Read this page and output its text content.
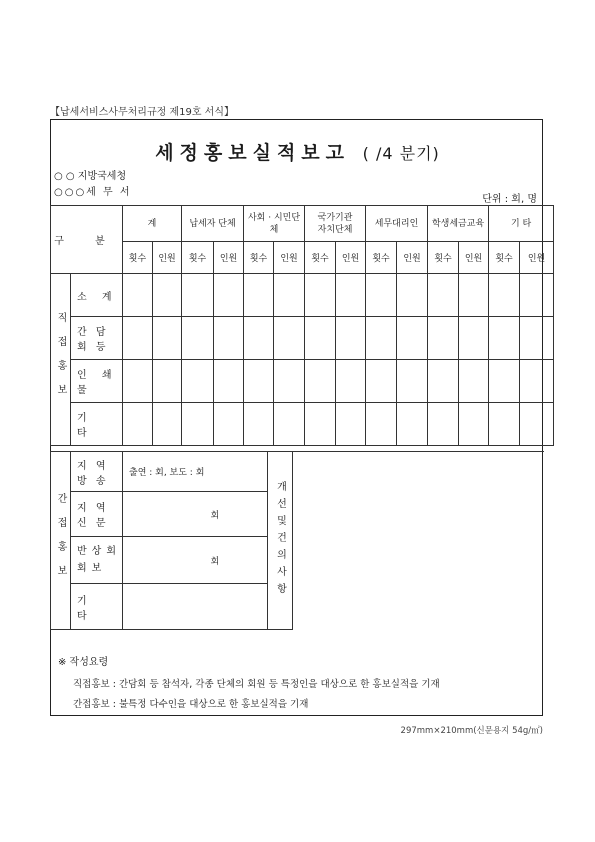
【납세서비스사무처리규정 제19호 서식】
세정홍보실적보고 ( /4 분기)
○ ○ 지방국세청
○○○세 무 서
단위 : 회, 명
구 분		계		납세자 단체		사회 · 시민단체		국가기관 자치단체		세무대리인		학생세금교육		기 타	
		횟수	인원	횟수	인원	횟수	인원	횟수	인원	횟수	인원	횟수	인원	횟수	인원
직접홍보	소 계														
	간 담 회 등														
	인 쇄 물														
	기 타														
간접홍보	지 역 방 송	출연 : 회, 보도 : 회	개선및건의사항	
	지 역 신 문	회		
	반상회회보	회		
	기 타			
※ 작성요령
직접홍보 : 간담회 등 참석자, 각종 단체의 회원 등 특정인을 대상으로 한 홍보실적을 기재
간접홍보 : 불특정 다수인을 대상으로 한 홍보실적을 기재
297mm×210mm(신문용지 54g/㎡)
